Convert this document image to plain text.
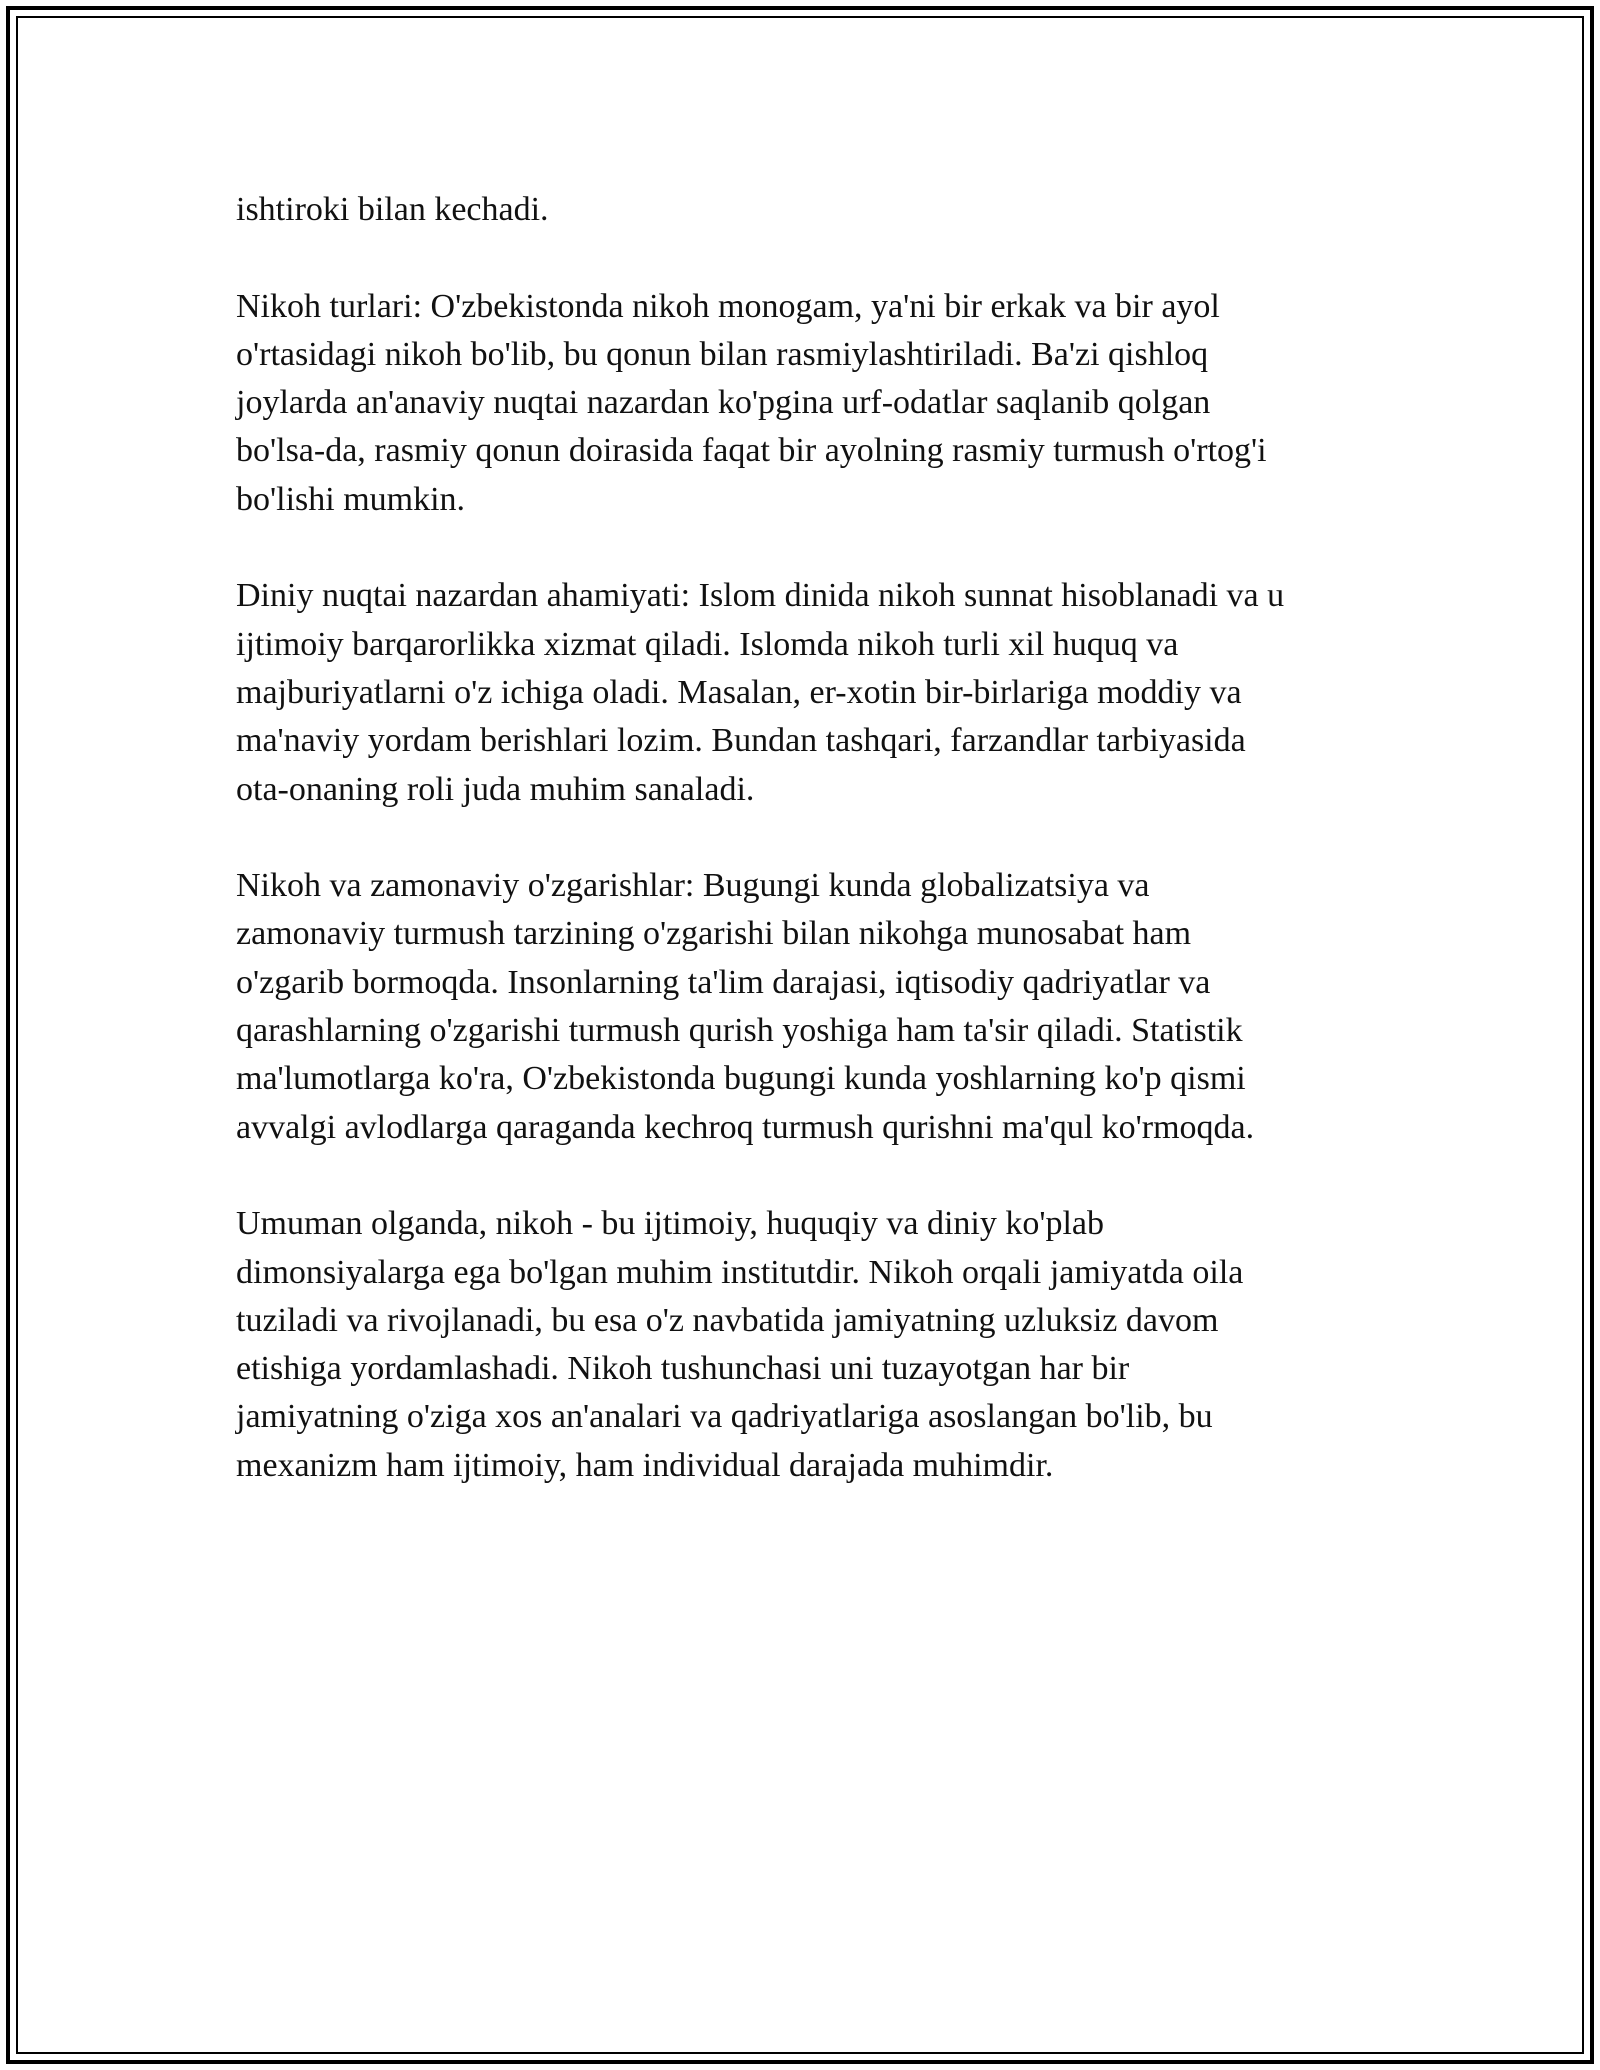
ishtiroki bilan kechadi.

Nikoh turlari: O'zbekistonda nikoh monogam, ya'ni bir erkak va bir ayol
o'rtasidagi nikoh bo'lib, bu qonun bilan rasmiylashtiriladi. Ba'zi qishloq
joylarda an'anaviy nuqtai nazardan ko'pgina urf-odatlar saqlanib qolgan
bo'lsa-da, rasmiy qonun doirasida faqat bir ayolning rasmiy turmush o'rtog'i
bo'lishi mumkin.

Diniy nuqtai nazardan ahamiyati: Islom dinida nikoh sunnat hisoblanadi va u
ijtimoiy barqarorlikka xizmat qiladi. Islomda nikoh turli xil huquq va
majburiyatlarni o'z ichiga oladi. Masalan, er-xotin bir-birlariga moddiy va
ma'naviy yordam berishlari lozim. Bundan tashqari, farzandlar tarbiyasida
ota-onaning roli juda muhim sanaladi.

Nikoh va zamonaviy o'zgarishlar: Bugungi kunda globalizatsiya va
zamonaviy turmush tarzining o'zgarishi bilan nikohga munosabat ham
o'zgarib bormoqda. Insonlarning ta'lim darajasi, iqtisodiy qadriyatlar va
qarashlarning o'zgarishi turmush qurish yoshiga ham ta'sir qiladi. Statistik
ma'lumotlarga ko'ra, O'zbekistonda bugungi kunda yoshlarning ko'p qismi
avvalgi avlodlarga qaraganda kechroq turmush qurishni ma'qul ko'rmoqda.

Umuman olganda, nikoh - bu ijtimoiy, huquqiy va diniy ko'plab
dimonsiyalarga ega bo'lgan muhim institutdir. Nikoh orqali jamiyatda oila
tuziladi va rivojlanadi, bu esa o'z navbatida jamiyatning uzluksiz davom
etishiga yordamlashadi. Nikoh tushunchasi uni tuzayotgan har bir
jamiyatning o'ziga xos an'analari va qadriyatlariga asoslangan bo'lib, bu
mexanizm ham ijtimoiy, ham individual darajada muhimdir.
